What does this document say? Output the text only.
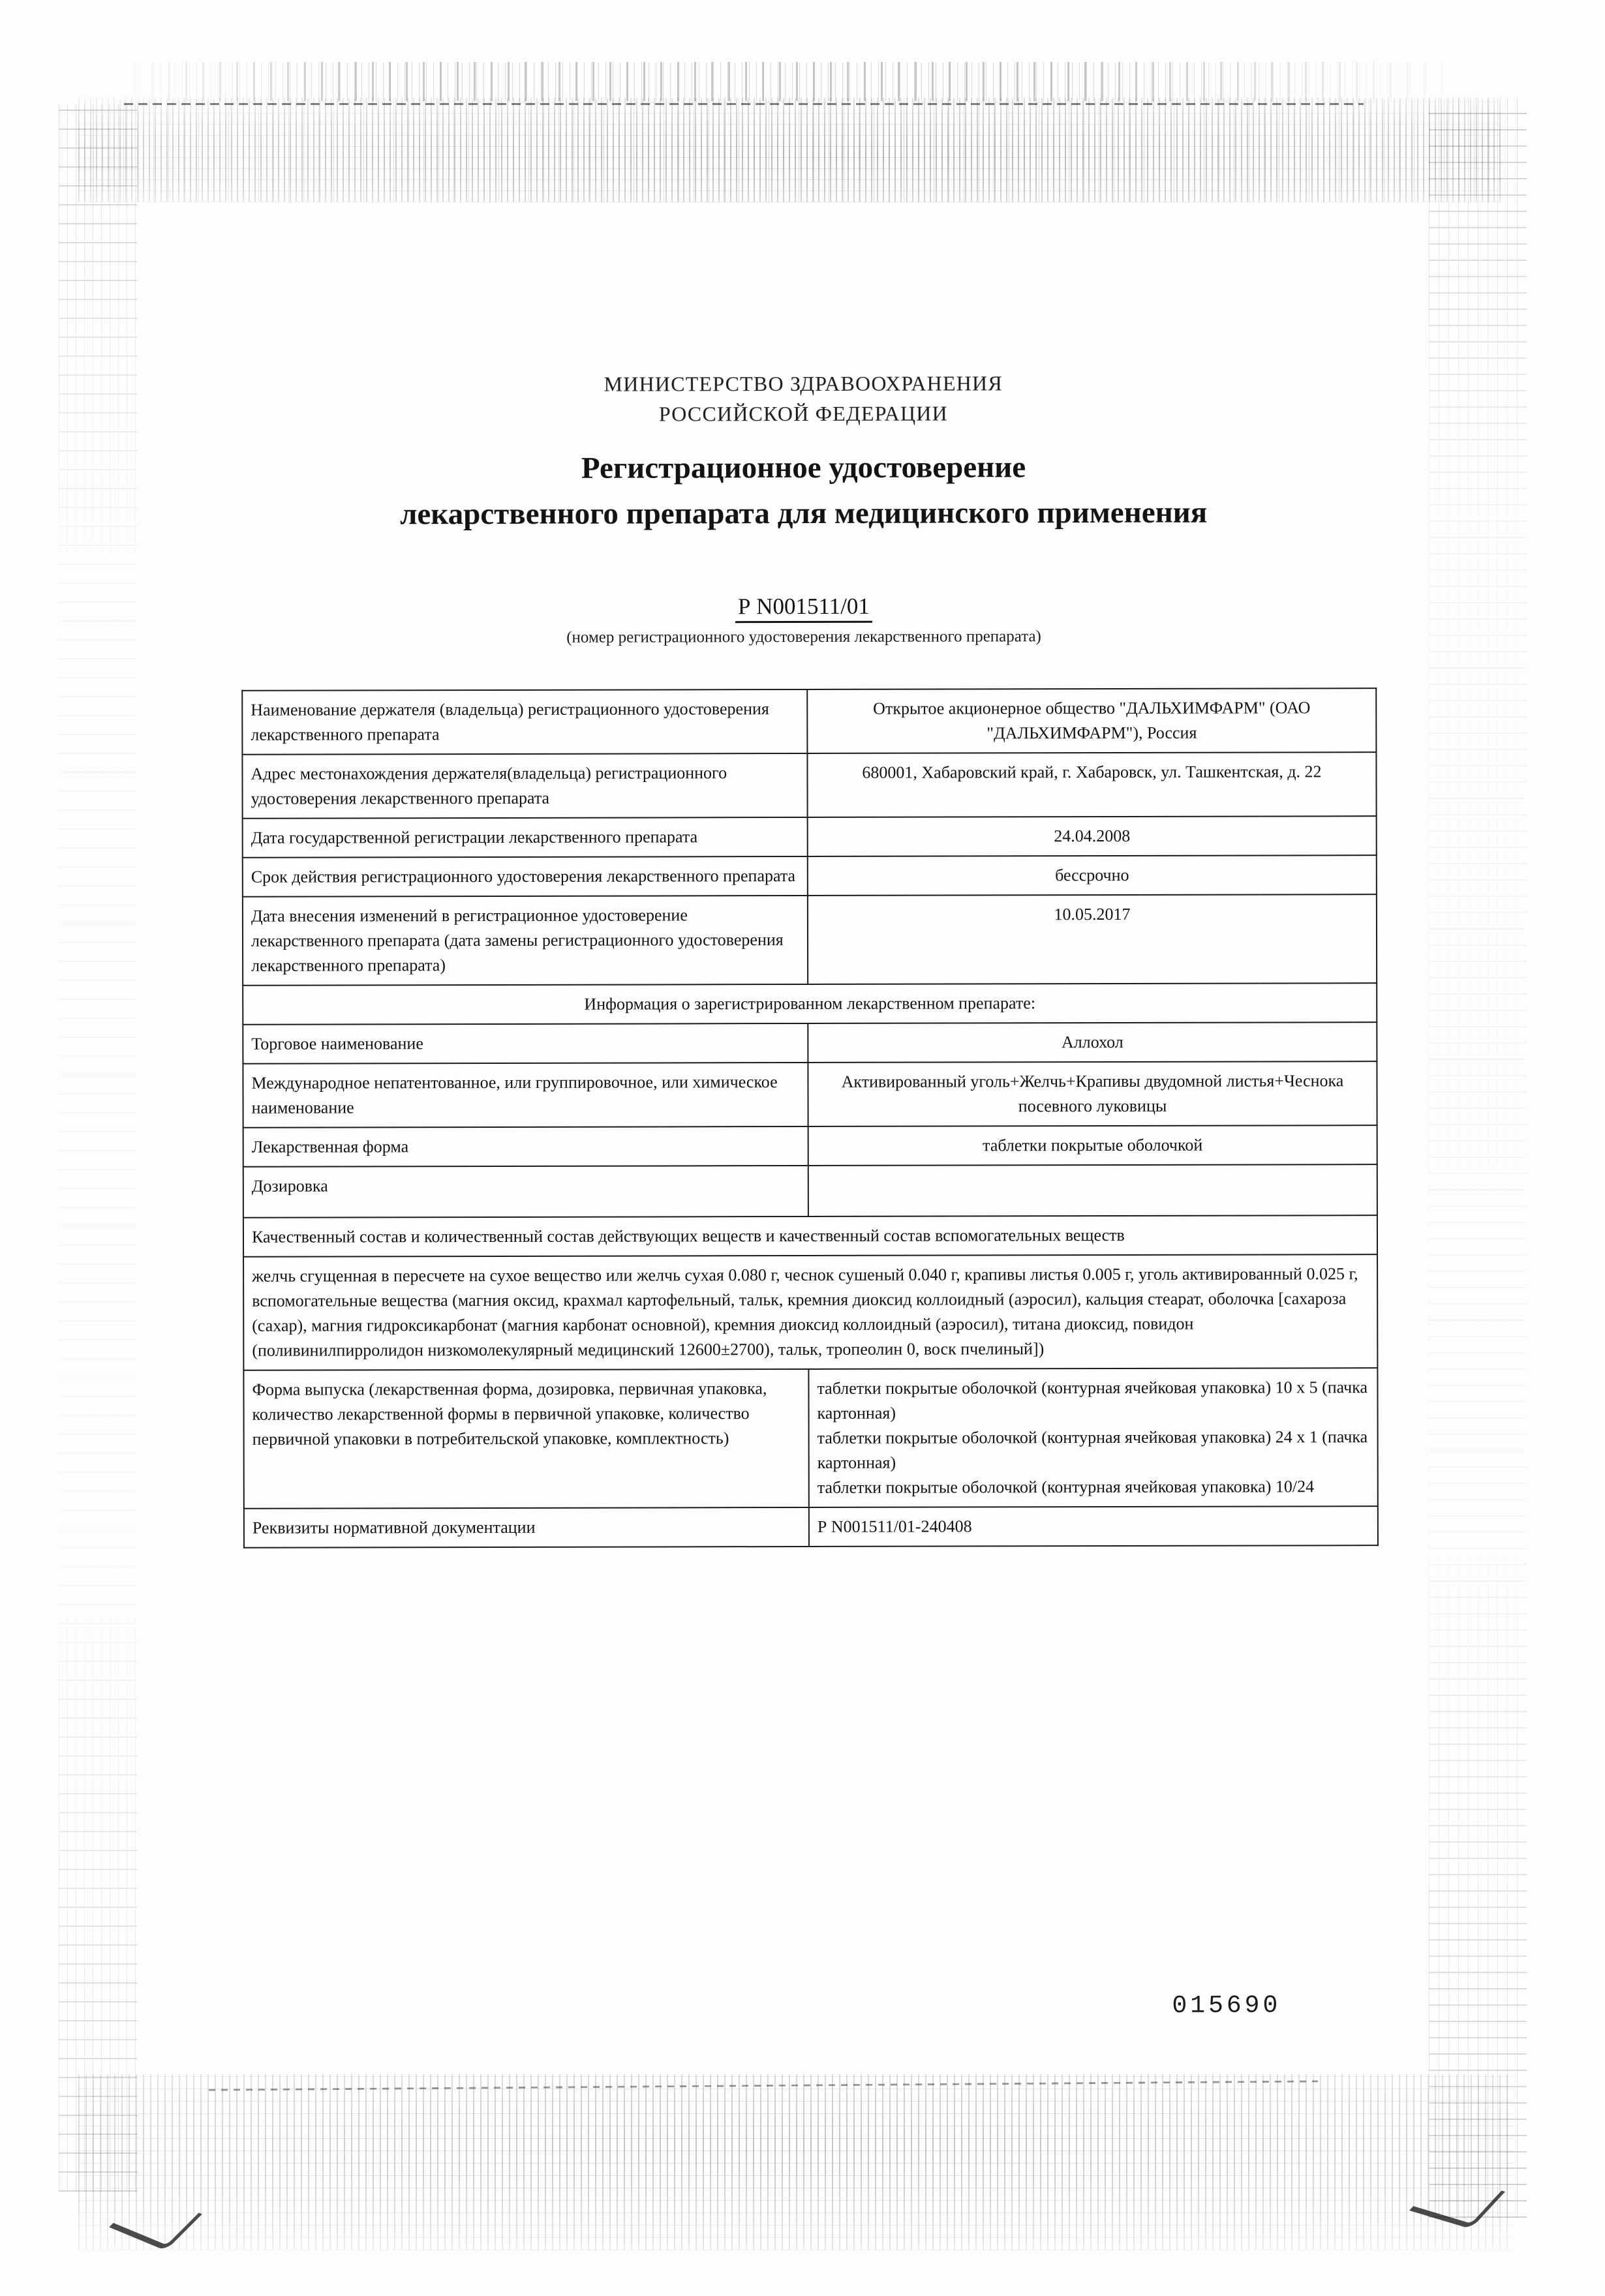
МИНИСТЕРСТВО ЗДРАВООХРАНЕНИЯ
РОССИЙСКОЙ ФЕДЕРАЦИИ
Регистрационное удостоверение
лекарственного препарата для медицинского применения
Р N001511/01
(номер регистрационного удостоверения лекарственного препарата)
Наименование держателя (владельца) регистрационного удостоверения лекарственного препарата	Открытое акционерное общество "ДАЛЬХИМФАРМ" (ОАО "ДАЛЬХИМФАРМ"), Россия
Адрес местонахождения держателя(владельца) регистрационного удостоверения лекарственного препарата	680001, Хабаровский край, г. Хабаровск, ул. Ташкентская, д. 22
Дата государственной регистрации лекарственного препарата	24.04.2008
Срок действия регистрационного удостоверения лекарственного препарата	бессрочно
Дата внесения изменений в регистрационное удостоверение лекарственного препарата (дата замены регистрационного удостоверения лекарственного препарата)	10.05.2017
Информация о зарегистрированном лекарственном препарате:	
Торговое наименование	Аллохол
Международное непатентованное, или группировочное, или химическое наименование	Активированный уголь+Желчь+Крапивы двудомной листья+Чеснока посевного луковицы
Лекарственная форма	таблетки покрытые оболочкой
Дозировка	
Качественный состав и количественный состав действующих веществ и качественный состав вспомогательных веществ	
желчь сгущенная в пересчете на сухое вещество или желчь сухая 0.080 г, чеснок сушеный 0.040 г, крапивы листья 0.005 г, уголь активированный 0.025 г, вспомогательные вещества (магния оксид, крахмал картофельный, тальк, кремния диоксид коллоидный (аэросил), кальция стеарат, оболочка [сахароза (сахар), магния гидроксикарбонат (магния карбонат основной), кремния диоксид коллоидный (аэросил), титана диоксид, повидон (поливинилпирролидон низкомолекулярный медицинский 12600±2700), тальк, тропеолин 0, воск пчелиный])	
Форма выпуска (лекарственная форма, дозировка, первичная упаковка, количество лекарственной формы в первичной упаковке, количество первичной упаковки в потребительской упаковке, комплектность)	таблетки покрытые оболочкой (контурная ячейковая упаковка) 10 x 5 (пачка картонная)
таблетки покрытые оболочкой (контурная ячейковая упаковка) 24 x 1 (пачка картонная)
таблетки покрытые оболочкой (контурная ячейковая упаковка) 10/24

Реквизиты нормативной документации	Р N001511/01-240408
015690
